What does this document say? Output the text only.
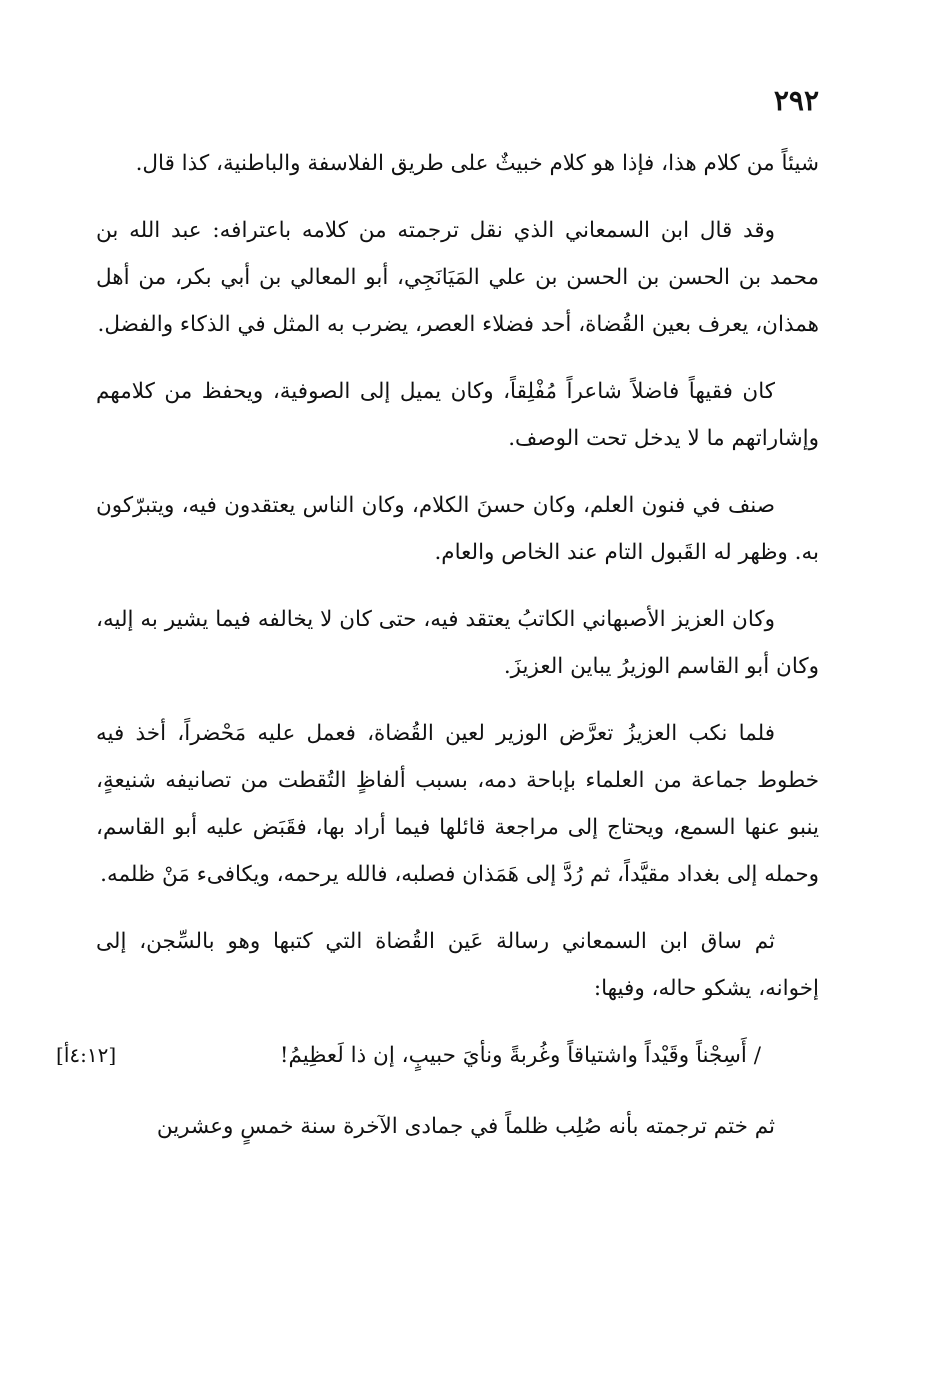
٢٩٢

شيئاً من كلام هذا، فإذا هو كلام خبيثٌ على طريق الفلاسفة والباطنية، كذا قال.

وقد قال ابن السمعاني الذي نقل ترجمته من كلامه باعترافه: عبد الله بن محمد بن الحسن بن الحسن بن علي المَيَانَجِي، أبو المعالي بن أبي بكر، من أهل همذان، يعرف بعين القُضاة، أحد فضلاء العصر، يضرب به المثل في الذكاء والفضل.

كان فقيهاً فاضلاً شاعراً مُفْلِقاً، وكان يميل إلى الصوفية، ويحفظ من كلامهم وإشاراتهم ما لا يدخل تحت الوصف.

صنف في فنون العلم، وكان حسنَ الكلام، وكان الناس يعتقدون فيه، ويتبرّكون به. وظهر له القَبول التام عند الخاص والعام.

وكان العزيز الأصبهاني الكاتبُ يعتقد فيه، حتى كان لا يخالفه فيما يشير به إليه، وكان أبو القاسم الوزيرُ يباين العزيزَ.

فلما نكب العزيزُ تعرَّض الوزير لعين القُضاة، فعمل عليه مَحْضراً، أخذ فيه خطوط جماعة من العلماء بإباحة دمه، بسبب ألفاظٍ التُقطت من تصانيفه شنيعةٍ، ينبو عنها السمع، ويحتاج إلى مراجعة قائلها فيما أراد بها، فقَبَض عليه أبو القاسم، وحمله إلى بغداد مقيَّداً، ثم رُدَّ إلى هَمَذان فصلبه، فالله يرحمه، ويكافىء مَنْ ظلمه.

ثم ساق ابن السمعاني رسالة عَين القُضاة التي كتبها وهو بالسِّجن، إلى إخوانه، يشكو حاله، وفيها:

/ أَسِجْناً وقَيْداً واشتياقاً وغُربةً ونأيَ حبيبٍ، إن ذا لَعظِيمُ!
[٤:١٢أ]

ثم ختم ترجمته بأنه صُلِب ظلماً في جمادى الآخرة سنة خمسٍ وعشرين
